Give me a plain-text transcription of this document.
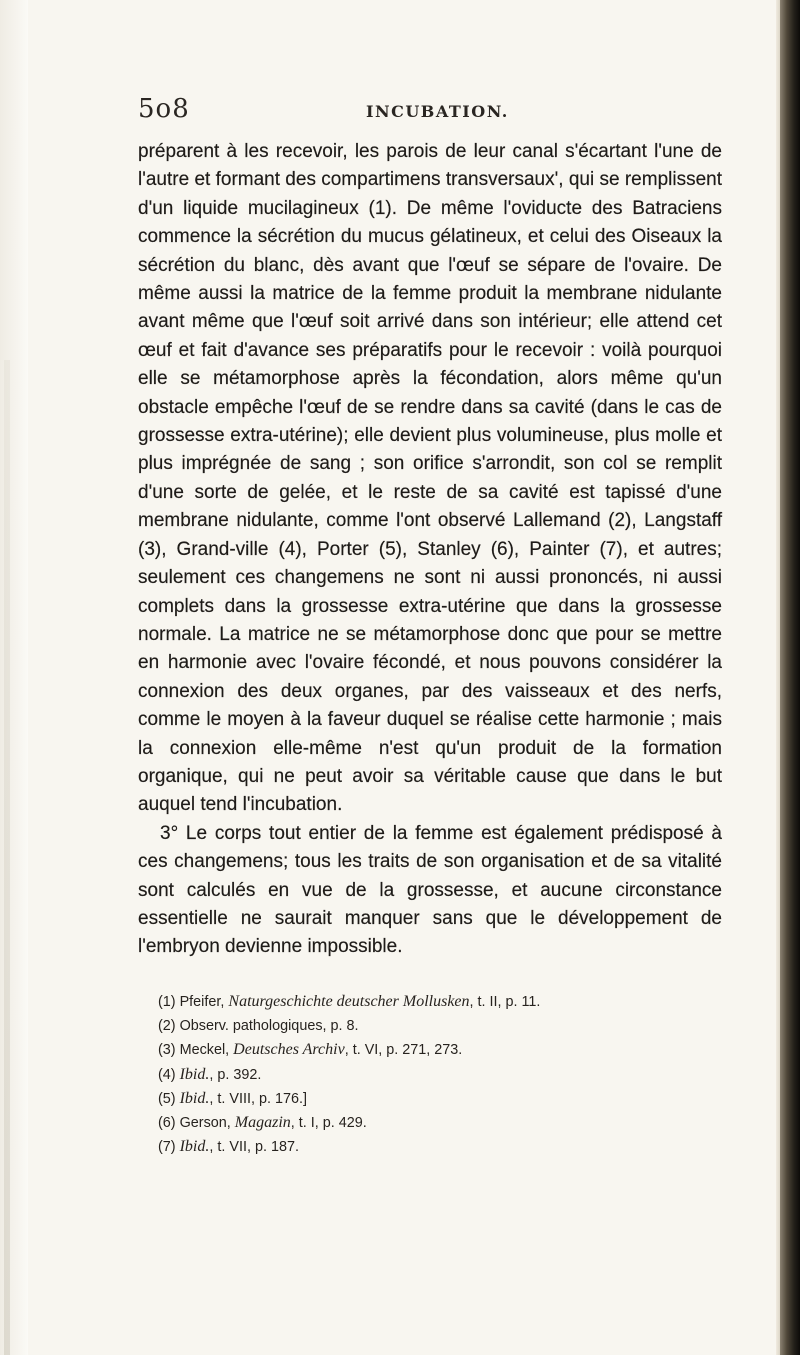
5o8	INCUBATION.

préparent à les recevoir, les parois de leur canal s'écartant l'une de l'autre et formant des compartimens transversaux', qui se remplissent d'un liquide mucilagineux (1). De même l'oviducte des Batraciens commence la sécrétion du mucus gélatineux, et celui des Oiseaux la sécrétion du blanc, dès avant que l'œuf se sépare de l'ovaire. De même aussi la matrice de la femme produit la membrane nidulante avant même que l'œuf soit arrivé dans son intérieur; elle attend cet œuf et fait d'avance ses préparatifs pour le recevoir : voilà pourquoi elle se métamorphose après la fécondation, alors même qu'un obstacle empêche l'œuf de se rendre dans sa cavité (dans le cas de grossesse extra-utérine); elle devient plus volumineuse, plus molle et plus imprégnée de sang ; son orifice s'arrondit, son col se remplit d'une sorte de gelée, et le reste de sa cavité est tapissé d'une membrane nidulante, comme l'ont observé Lallemand (2), Langstaff (3), Grand-ville (4), Porter (5), Stanley (6), Painter (7), et autres; seulement ces changemens ne sont ni aussi prononcés, ni aussi complets dans la grossesse extra-utérine que dans la grossesse normale. La matrice ne se métamorphose donc que pour se mettre en harmonie avec l'ovaire fécondé, et nous pouvons considérer la connexion des deux organes, par des vaisseaux et des nerfs, comme le moyen à la faveur duquel se réalise cette harmonie ; mais la connexion elle-même n'est qu'un produit de la formation organique, qui ne peut avoir sa véritable cause que dans le but auquel tend l'incubation.

3° Le corps tout entier de la femme est également prédisposé à ces changemens; tous les traits de son organisation et de sa vitalité sont calculés en vue de la grossesse, et aucune circonstance essentielle ne saurait manquer sans que le développement de l'embryon devienne impossible.

(1) Pfeifer, Naturgeschichte deutscher Mollusken, t. II, p. 11.
(2) Observ. pathologiques, p. 8.
(3) Meckel, Deutsches Archiv, t. VI, p. 271, 273.
(4) Ibid., p. 392.
(5) Ibid., t. VIII, p. 176.]
(6) Gerson, Magazin, t. I, p. 429.
(7) Ibid., t. VII, p. 187.
